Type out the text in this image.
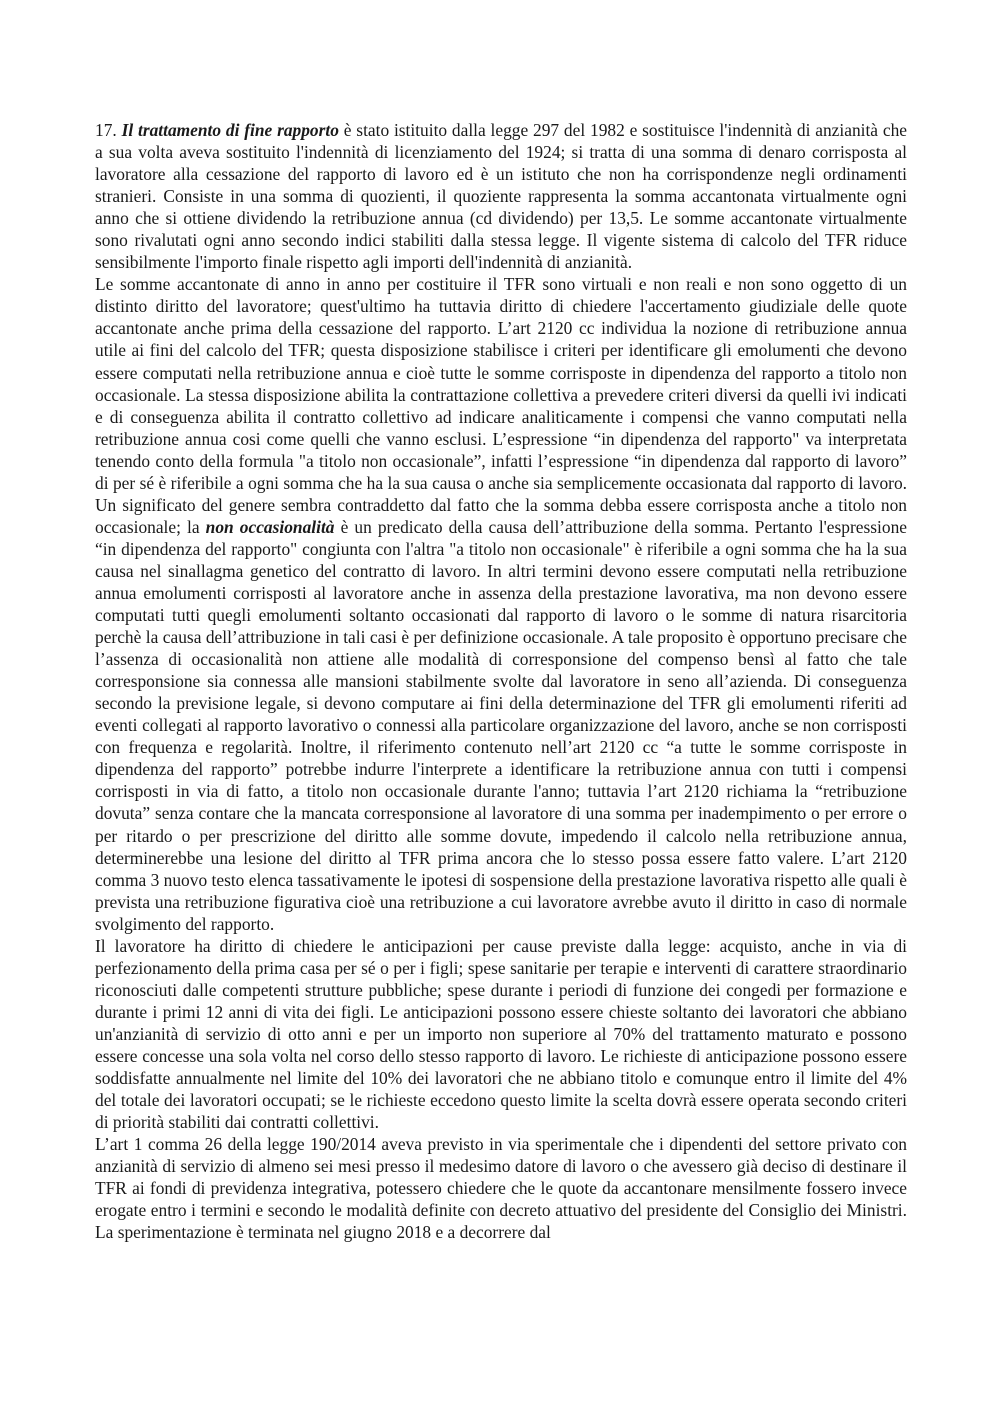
17. Il trattamento di fine rapporto è stato istituito dalla legge 297 del 1982 e sostituisce l'indennità di anzianità che a sua volta aveva sostituito l'indennità di licenziamento del 1924; si tratta di una somma di denaro corrisposta al lavoratore alla cessazione del rapporto di lavoro ed è un istituto che non ha corrispondenze negli ordinamenti stranieri. Consiste in una somma di quozienti, il quoziente rappresenta la somma accantonata virtualmente ogni anno che si ottiene dividendo la retribuzione annua (cd dividendo) per 13,5. Le somme accantonate virtualmente sono rivalutati ogni anno secondo indici stabiliti dalla stessa legge. Il vigente sistema di calcolo del TFR riduce sensibilmente l'importo finale rispetto agli importi dell'indennità di anzianità.

Le somme accantonate di anno in anno per costituire il TFR sono virtuali e non reali e non sono oggetto di un distinto diritto del lavoratore; quest'ultimo ha tuttavia diritto di chiedere l'accertamento giudiziale delle quote accantonate anche prima della cessazione del rapporto. L’art 2120 cc individua la nozione di retribuzione annua utile ai fini del calcolo del TFR; questa disposizione stabilisce i criteri per identificare gli emolumenti che devono essere computati nella retribuzione annua e cioè tutte le somme corrisposte in dipendenza del rapporto a titolo non occasionale. La stessa disposizione abilita la contrattazione collettiva a prevedere criteri diversi da quelli ivi indicati e di conseguenza abilita il contratto collettivo ad indicare analiticamente i compensi che vanno computati nella retribuzione annua cosi come quelli che vanno esclusi. L’espressione “in dipendenza del rapporto" va interpretata tenendo conto della formula "a titolo non occasionale”, infatti l’espressione “in dipendenza dal rapporto di lavoro” di per sé è riferibile a ogni somma che ha la sua causa o anche sia semplicemente occasionata dal rapporto di lavoro. Un significato del genere sembra contraddetto dal fatto che la somma debba essere corrisposta anche a titolo non occasionale; la non occasionalità è un predicato della causa dell’attribuzione della somma. Pertanto l'espressione “in dipendenza del rapporto" congiunta con l'altra "a titolo non occasionale" è riferibile a ogni somma che ha la sua causa nel sinallagma genetico del contratto di lavoro. In altri termini devono essere computati nella retribuzione annua emolumenti corrisposti al lavoratore anche in assenza della prestazione lavorativa, ma non devono essere computati tutti quegli emolumenti soltanto occasionati dal rapporto di lavoro o le somme di natura risarcitoria perchè la causa dell’attribuzione in tali casi è per definizione occasionale. A tale proposito è opportuno precisare che l’assenza di occasionalità non attiene alle modalità di corresponsione del compenso bensì al fatto che tale corresponsione sia connessa alle mansioni stabilmente svolte dal lavoratore in seno all’azienda. Di conseguenza secondo la previsione legale, si devono computare ai fini della determinazione del TFR gli emolumenti riferiti ad eventi collegati al rapporto lavorativo o connessi alla particolare organizzazione del lavoro, anche se non corrisposti con frequenza e regolarità. Inoltre, il riferimento contenuto nell’art 2120 cc “a tutte le somme corrisposte in dipendenza del rapporto” potrebbe indurre l'interprete a identificare la retribuzione annua con tutti i compensi corrisposti in via di fatto, a titolo non occasionale durante l'anno; tuttavia l’art 2120 richiama la “retribuzione dovuta” senza contare che la mancata corresponsione al lavoratore di una somma per inadempimento o per errore o per ritardo o per prescrizione del diritto alle somme dovute, impedendo il calcolo nella retribuzione annua, determinerebbe una lesione del diritto al TFR prima ancora che lo stesso possa essere fatto valere. L’art 2120 comma 3 nuovo testo elenca tassativamente le ipotesi di sospensione della prestazione lavorativa rispetto alle quali è prevista una retribuzione figurativa cioè una retribuzione a cui lavoratore avrebbe avuto il diritto in caso di normale svolgimento del rapporto.

Il lavoratore ha diritto di chiedere le anticipazioni per cause previste dalla legge: acquisto, anche in via di perfezionamento della prima casa per sé o per i figli; spese sanitarie per terapie e interventi di carattere straordinario riconosciuti dalle competenti strutture pubbliche; spese durante i periodi di funzione dei congedi per formazione e durante i primi 12 anni di vita dei figli. Le anticipazioni possono essere chieste soltanto dei lavoratori che abbiano un'anzianità di servizio di otto anni e per un importo non superiore al 70% del trattamento maturato e possono essere concesse una sola volta nel corso dello stesso rapporto di lavoro. Le richieste di anticipazione possono essere soddisfatte annualmente nel limite del 10% dei lavoratori che ne abbiano titolo e comunque entro il limite del 4% del totale dei lavoratori occupati; se le richieste eccedono questo limite la scelta dovrà essere operata secondo criteri di priorità stabiliti dai contratti collettivi.

L’art 1 comma 26 della legge 190/2014 aveva previsto in via sperimentale che i dipendenti del settore privato con anzianità di servizio di almeno sei mesi presso il medesimo datore di lavoro o che avessero già deciso di destinare il TFR ai fondi di previdenza integrativa, potessero chiedere che le quote da accantonare mensilmente fossero invece erogate entro i termini e secondo le modalità definite con decreto attuativo del presidente del Consiglio dei Ministri. La sperimentazione è terminata nel giugno 2018 e a decorrere dal
